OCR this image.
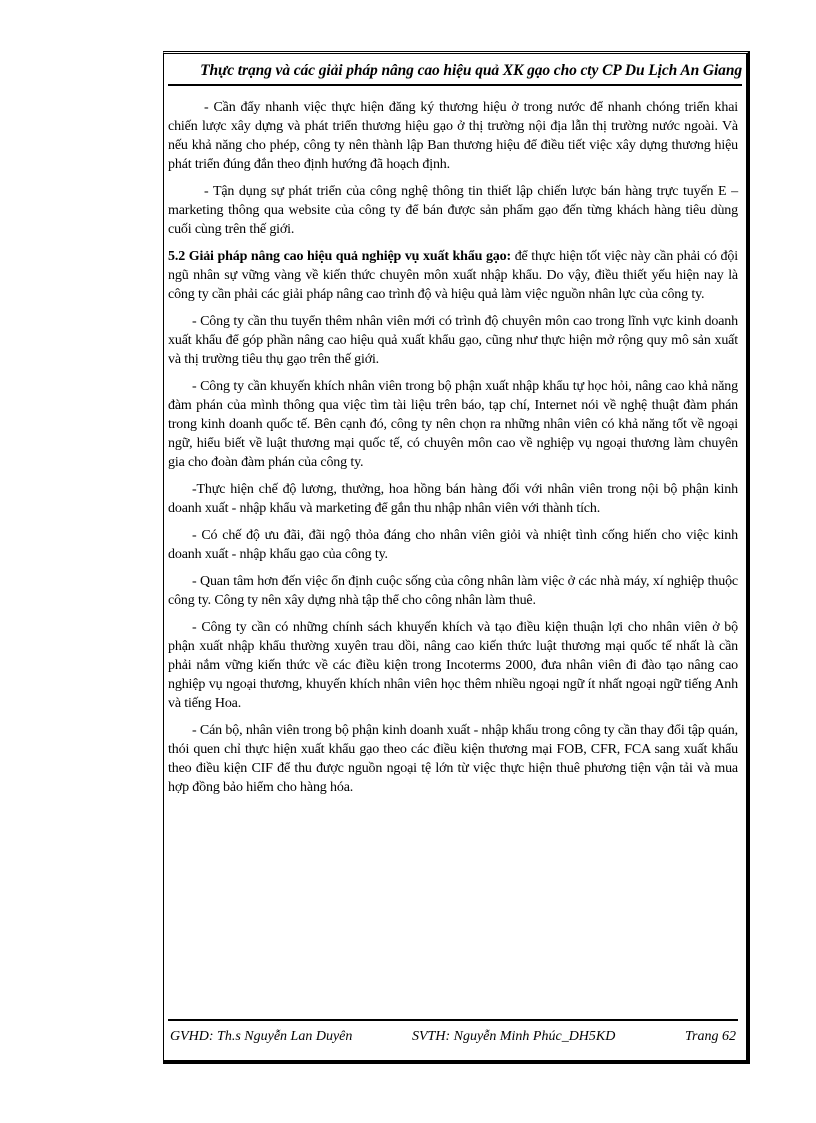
Thực trạng và các giải pháp nâng cao hiệu quả XK gạo cho cty CP Du Lịch An Giang

- Cần đẩy nhanh việc thực hiện đăng ký thương hiệu ở trong nước để nhanh chóng triển khai chiến lược xây dựng và phát triển thương hiệu gạo ở thị trường nội địa lẫn thị trường nước ngoài. Và nếu khả năng cho phép, công ty nên thành lập Ban thương hiệu để điều tiết việc xây dựng thương hiệu phát triển đúng đắn theo định hướng đã hoạch định.

- Tận dụng sự phát triển của công nghệ thông tin thiết lập chiến lược bán hàng trực tuyến E – marketing thông qua website của công ty để bán được sản phẩm gạo đến từng khách hàng tiêu dùng cuối cùng trên thế giới.

5.2 Giải pháp nâng cao hiệu quả nghiệp vụ xuất khẩu gạo: để thực hiện tốt việc này cần phải có đội ngũ nhân sự vững vàng về kiến thức chuyên môn xuất nhập khẩu. Do vậy, điều thiết yếu hiện nay là công ty cần phải các giải pháp nâng cao trình độ và hiệu quả làm việc nguồn nhân lực của công ty.

- Công ty cần thu tuyển thêm nhân viên mới có trình độ chuyên môn cao trong lĩnh vực kinh doanh xuất khẩu để góp phần nâng cao hiệu quả xuất khẩu gạo, cũng như thực hiện mở rộng quy mô sản xuất và thị trường tiêu thụ gạo trên thế giới.

- Công ty cần khuyến khích nhân viên trong bộ phận xuất nhập khẩu tự học hỏi, nâng cao khả năng đàm phán của mình thông qua việc tìm tài liệu trên báo, tạp chí, Internet nói về nghệ thuật đàm phán trong kinh doanh quốc tế. Bên cạnh đó, công ty nên chọn ra những nhân viên có khả năng tốt về ngoại ngữ, hiểu biết về luật thương mại quốc tế, có chuyên môn cao về nghiệp vụ ngoại thương làm chuyên gia cho đoàn đàm phán của công ty.

-Thực hiện chế độ lương, thưởng, hoa hồng bán hàng đối với nhân viên trong nội bộ phận kinh doanh xuất - nhập khẩu và marketing để gắn thu nhập nhân viên với thành tích.

- Có chế độ ưu đãi, đãi ngộ thỏa đáng cho nhân viên giỏi và nhiệt tình cống hiến cho việc kinh doanh xuất - nhập khẩu gạo của công ty.

- Quan tâm hơn đến việc ổn định cuộc sống của công nhân làm việc ở các nhà máy, xí nghiệp thuộc công ty. Công ty nên xây dựng nhà tập thể cho công nhân làm thuê.

- Công ty cần có những chính sách khuyến khích và tạo điều kiện thuận lợi cho nhân viên ở bộ phận xuất nhập khẩu thường xuyên trau dồi, nâng cao kiến thức luật thương mại quốc tế nhất là cần phải nắm vững kiến thức về các điều kiện trong Incoterms 2000, đưa nhân viên đi đào tạo nâng cao nghiệp vụ ngoại thương, khuyến khích nhân viên học thêm nhiều ngoại ngữ ít nhất ngoại ngữ tiếng Anh và tiếng Hoa.

- Cán bộ, nhân viên trong bộ phận kinh doanh xuất - nhập khẩu trong công ty cần thay đổi tập quán, thói quen chỉ thực hiện xuất khẩu gạo theo các điều kiện thương mại FOB, CFR, FCA sang xuất khẩu theo điều kiện CIF để thu được nguồn ngoại tệ lớn từ việc thực hiện thuê phương tiện vận tải và mua hợp đồng bảo hiểm cho hàng hóa.

GVHD: Th.s Nguyễn Lan Duyên	SVTH: Nguyễn Minh Phúc_DH5KD	Trang 62
